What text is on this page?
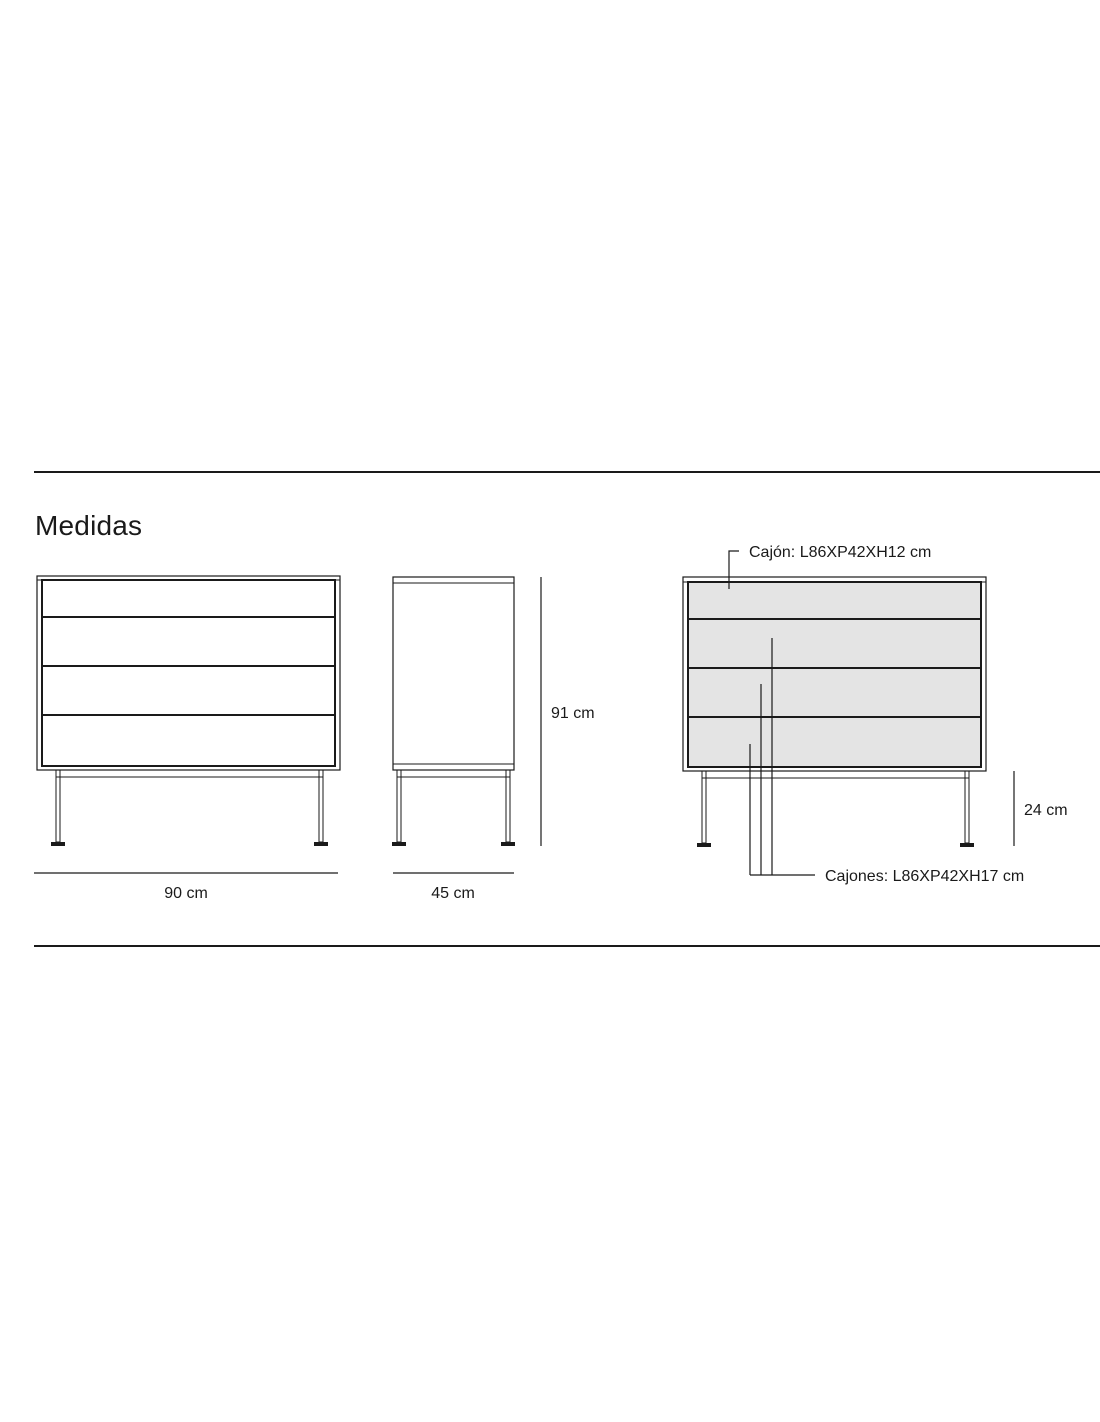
Medidas
90 cm	45 cm
91 cm
Cajón: L86XP42XH12 cm
Cajones: L86XP42XH17 cm
24 cm
